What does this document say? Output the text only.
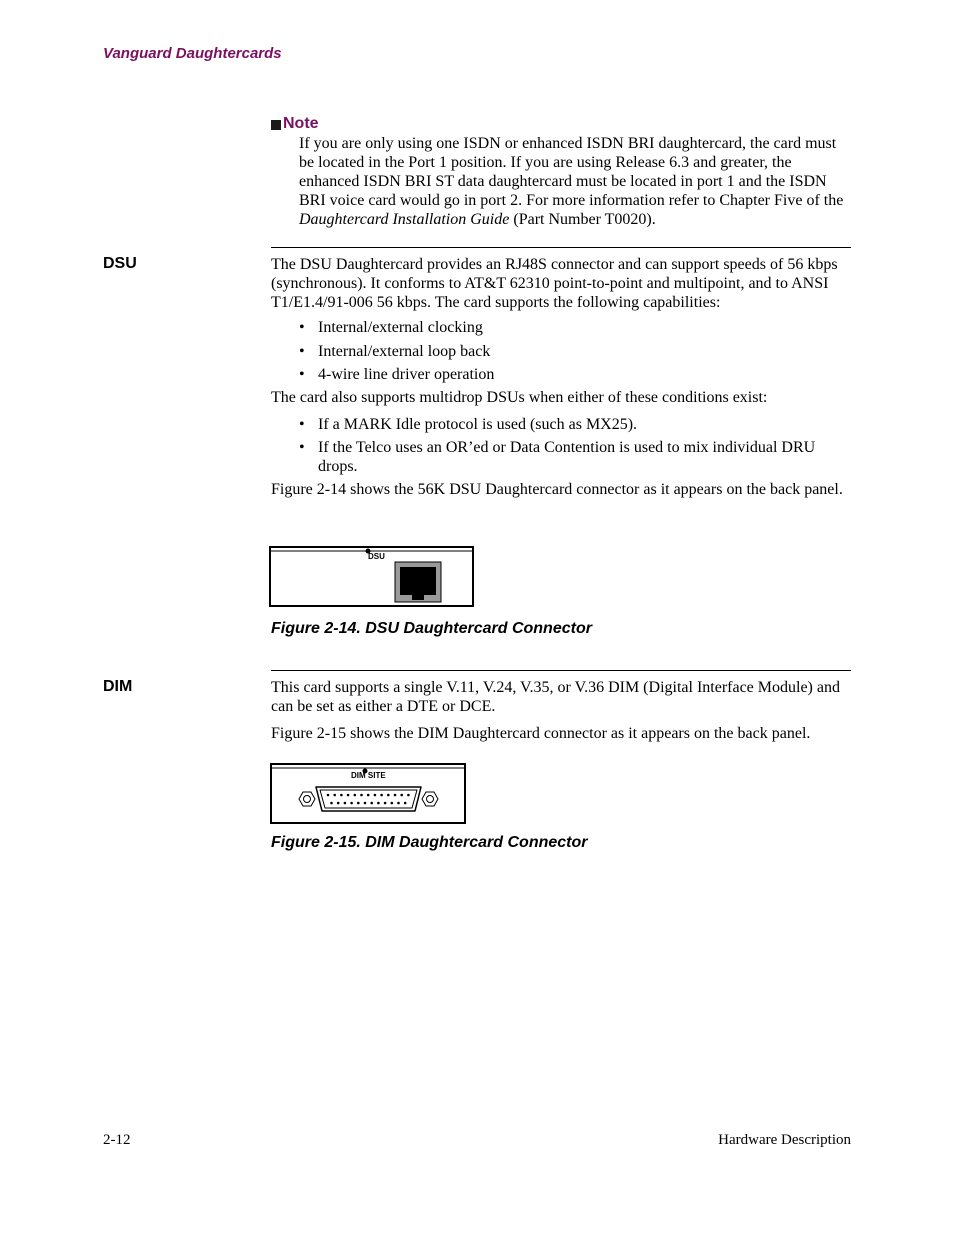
Vanguard Daughtercards
Note
If you are only using one ISDN or enhanced ISDN BRI daughtercard, the card must be located in the Port 1 position. If you are using Release 6.3 and greater, the enhanced ISDN BRI ST data daughtercard must be located in port 1 and the ISDN BRI voice card would go in port 2. For more information refer to Chapter Five of the Daughtercard Installation Guide (Part Number T0020).
DSU	The DSU Daughtercard provides an RJ48S connector and can support speeds of 56 kbps (synchronous). It conforms to AT&T 62310 point-to-point and multipoint, and to ANSI T1/E1.4/91-006 56 kbps. The card supports the following capabilities:

• Internal/external clocking
• Internal/external loop back
• 4-wire line driver operation

The card also supports multidrop DSUs when either of these conditions exist:

• If a MARK Idle protocol is used (such as MX25).
• If the Telco uses an OR’ed or Data Contention is used to mix individual DRU drops.

Figure 2-14 shows the 56K DSU Daughtercard connector as it appears on the back panel.

DSU
Figure 2-14. DSU Daughtercard Connector
DIM	This card supports a single V.11, V.24, V.35, or V.36 DIM (Digital Interface Module) and can be set as either a DTE or DCE.

Figure 2-15 shows the DIM Daughtercard connector as it appears on the back panel.

DIM SITE
Figure 2-15. DIM Daughtercard Connector
2-12	Hardware Description
